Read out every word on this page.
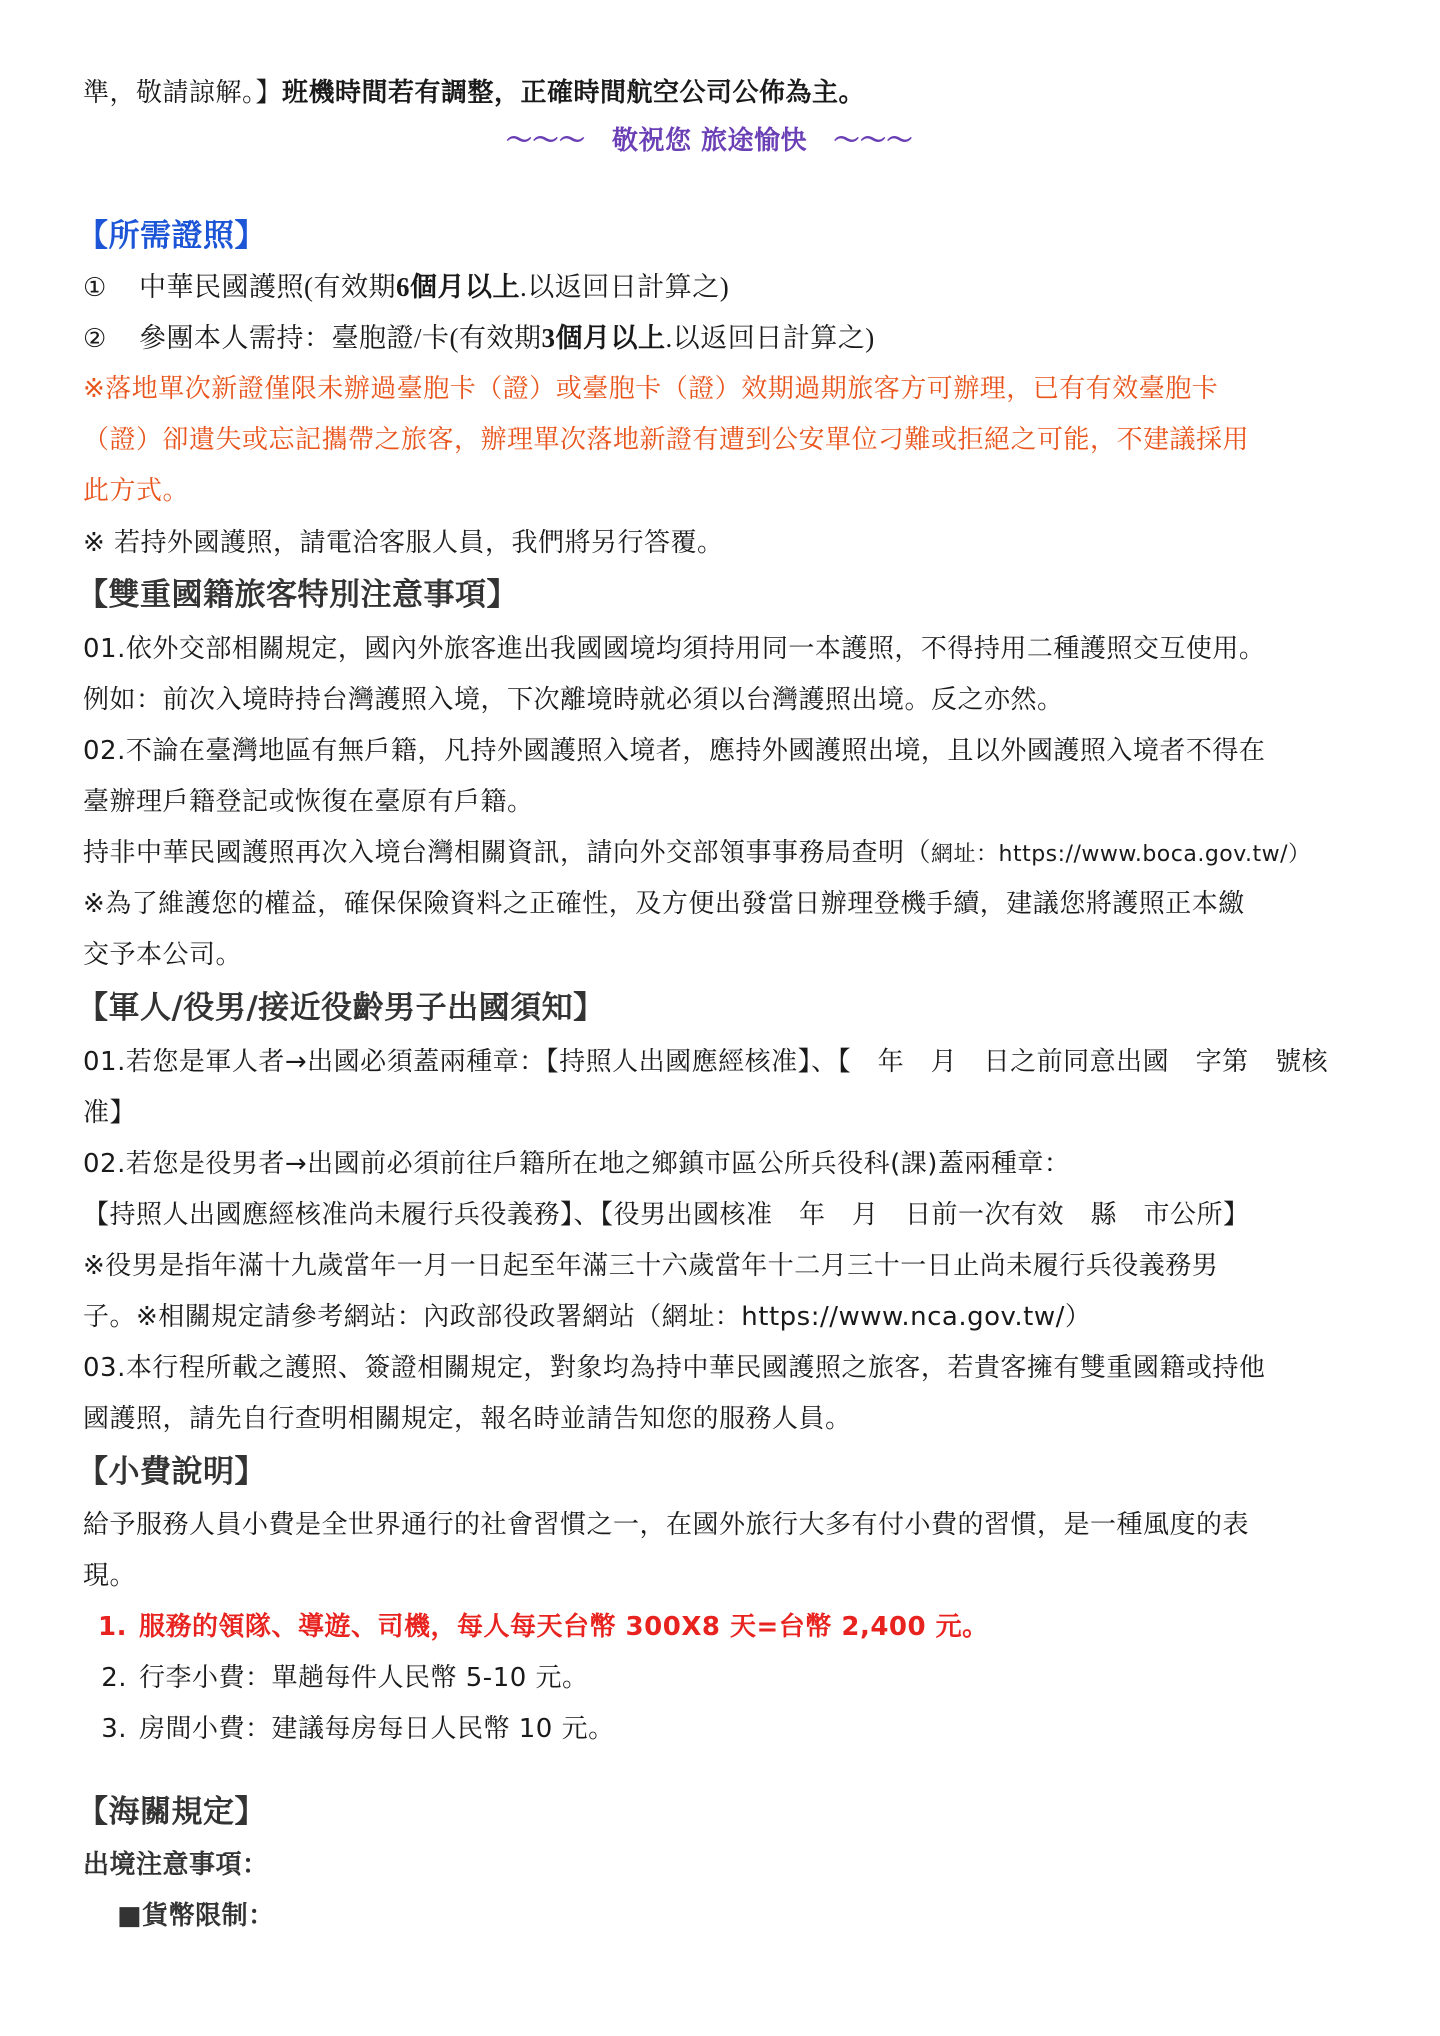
準，敬請諒解。】班機時間若有調整，正確時間航空公司公佈為主。
～～～　敬祝您 旅途愉快　～～～
【所需證照】
① 中華民國護照(有效期6個月以上.以返回日計算之)
② 參團本人需持：臺胞證/卡(有效期3個月以上.以返回日計算之)
※落地單次新證僅限未辦過臺胞卡（證）或臺胞卡（證）效期過期旅客方可辦理，已有有效臺胞卡
（證）卻遺失或忘記攜帶之旅客，辦理單次落地新證有遭到公安單位刁難或拒絕之可能，不建議採用
此方式。
※ 若持外國護照，請電洽客服人員，我們將另行答覆。
【雙重國籍旅客特別注意事項】
01.依外交部相關規定，國內外旅客進出我國國境均須持用同一本護照，不得持用二種護照交互使用。
例如：前次入境時持台灣護照入境，下次離境時就必須以台灣護照出境。反之亦然。
02.不論在臺灣地區有無戶籍，凡持外國護照入境者，應持外國護照出境，且以外國護照入境者不得在
臺辦理戶籍登記或恢復在臺原有戶籍。
持非中華民國護照再次入境台灣相關資訊，請向外交部領事事務局查明（網址：https://www.boca.gov.tw/）
※為了維護您的權益，確保保險資料之正確性，及方便出發當日辦理登機手續，建議您將護照正本繳
交予本公司。
【軍人/役男/接近役齡男子出國須知】
01.若您是軍人者→出國必須蓋兩種章：【持照人出國應經核准】、【　年　月　日之前同意出國　字第　號核
准】
02.若您是役男者→出國前必須前往戶籍所在地之鄉鎮市區公所兵役科(課)蓋兩種章：
【持照人出國應經核准尚未履行兵役義務】、【役男出國核准　年　月　日前一次有效　縣　市公所】
※役男是指年滿十九歲當年一月一日起至年滿三十六歲當年十二月三十一日止尚未履行兵役義務男
子。※相關規定請參考網站：內政部役政署網站（網址：https://www.nca.gov.tw/）
03.本行程所載之護照、簽證相關規定，對象均為持中華民國護照之旅客，若貴客擁有雙重國籍或持他
國護照，請先自行查明相關規定，報名時並請告知您的服務人員。
【小費說明】
給予服務人員小費是全世界通行的社會習慣之一，在國外旅行大多有付小費的習慣，是一種風度的表
現。
1. 服務的領隊、導遊、司機，每人每天台幣 300X8 天=台幣 2,400 元。
2. 行李小費：單趟每件人民幣 5-10 元。
3. 房間小費：建議每房每日人民幣 10 元。
【海關規定】
出境注意事項：
■貨幣限制：
